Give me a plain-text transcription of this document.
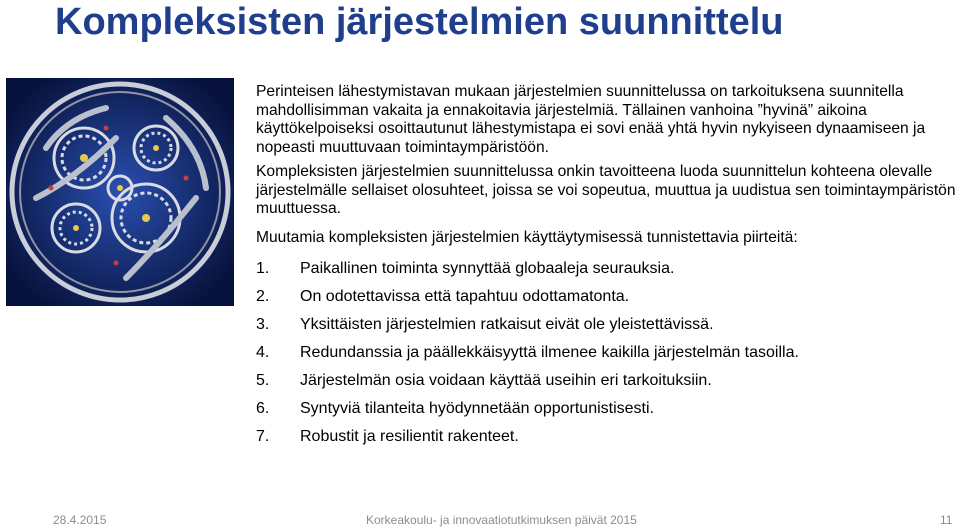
Kompleksisten järjestelmien suunnittelu

Perinteisen lähestymistavan mukaan järjestelmien suunnittelussa on tarkoituksena suunnitella mahdollisimman vakaita ja ennakoitavia järjestelmiä. Tällainen vanhoina ”hyvinä” aikoina käyttökelpoiseksi osoittautunut lähestymistapa ei sovi enää yhtä hyvin nykyiseen dynaamiseen ja nopeasti muuttuvaan toimintaympäristöön.

Kompleksisten järjestelmien suunnittelussa onkin tavoitteena luoda suunnittelun kohteena olevalle järjestelmälle sellaiset olosuhteet, joissa se voi sopeutua, muuttua ja uudistua sen toimintaympäristön muuttuessa.

Muutamia kompleksisten järjestelmien käyttäytymisessä tunnistettavia piirteitä:

1.	Paikallinen toiminta synnyttää globaaleja seurauksia.
2.	On odotettavissa että tapahtuu odottamatonta.
3.	Yksittäisten järjestelmien ratkaisut eivät ole yleistettävissä.
4.	Redundanssia ja päällekkäisyyttä ilmenee kaikilla järjestelmän tasoilla.
5.	Järjestelmän osia voidaan käyttää useihin eri tarkoituksiin.
6.	Syntyviä tilanteita hyödynnetään opportunistisesti.
7.	Robustit ja resilientit rakenteet.
28.4.2015	Korkeakoulu- ja innovaatiotutkimuksen päivät 2015	11
